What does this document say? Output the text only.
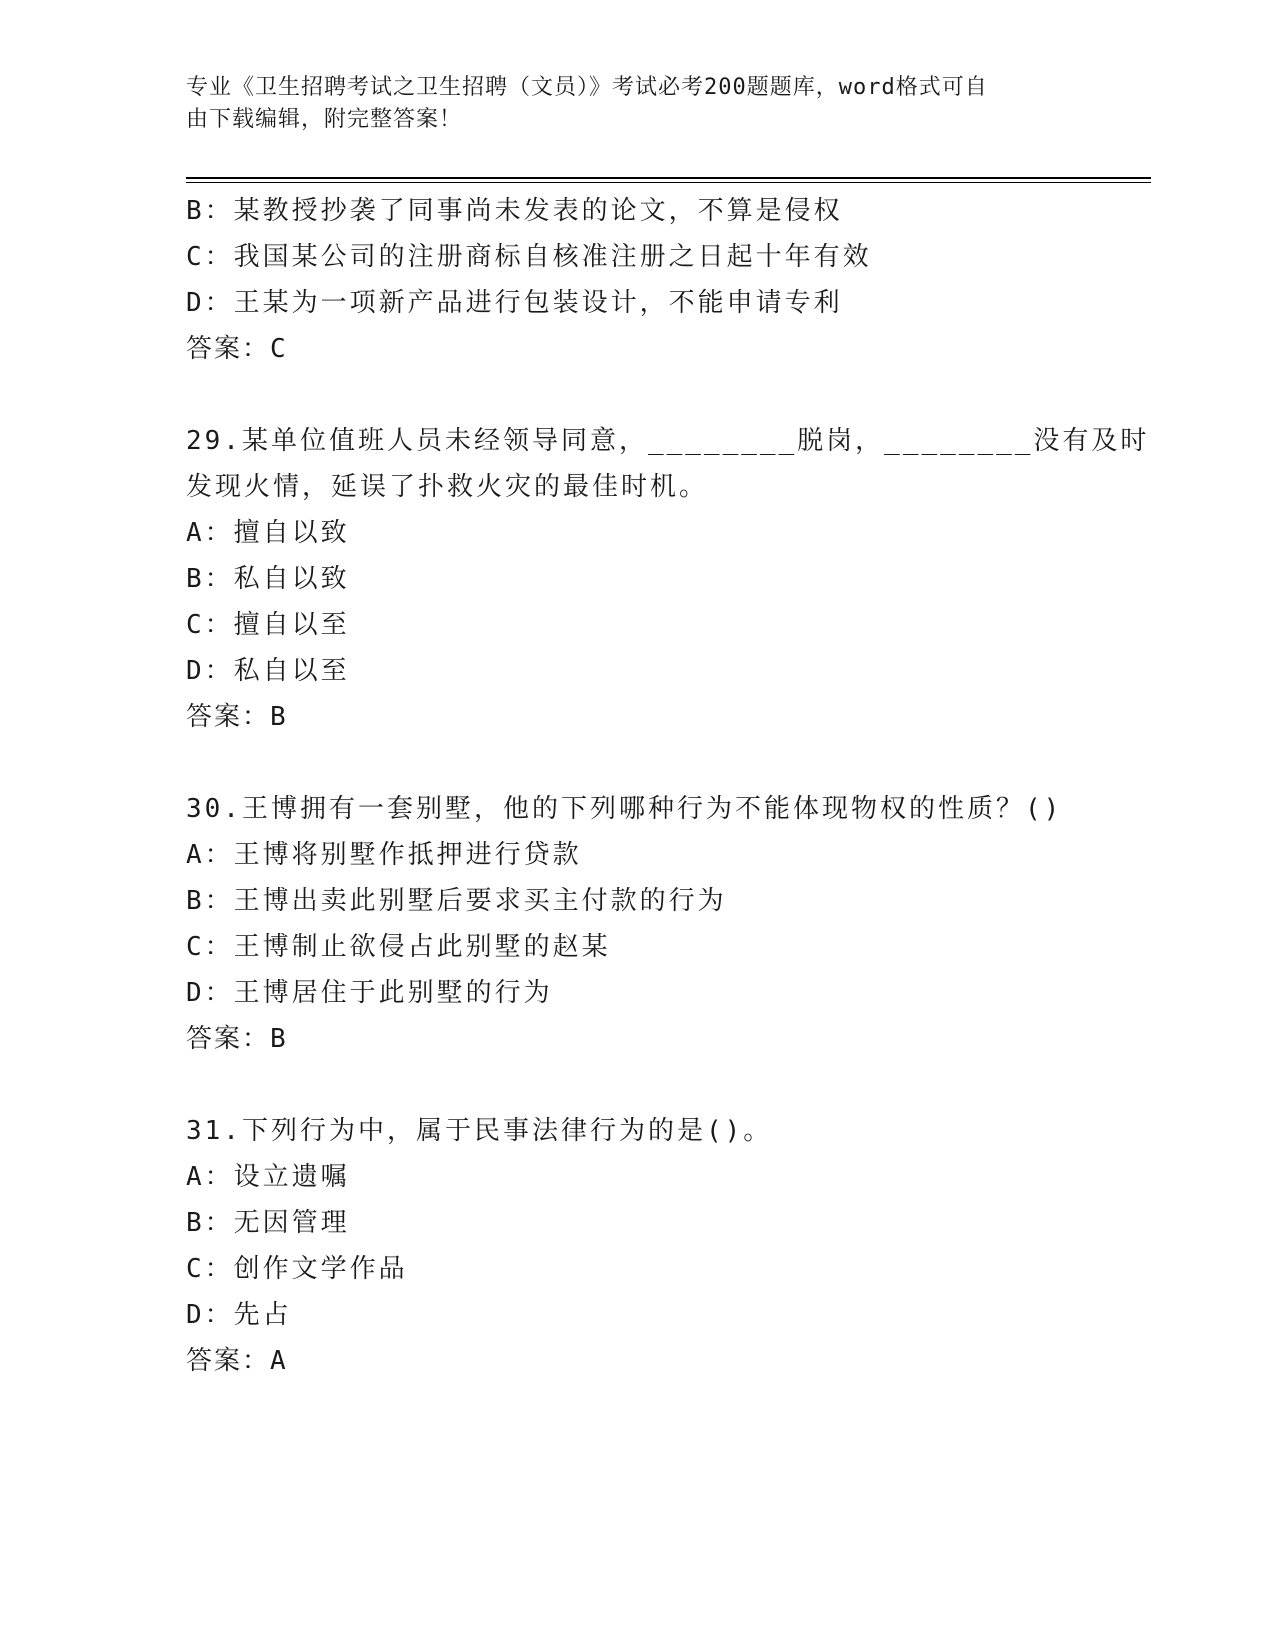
专业《卫生招聘考试之卫生招聘（文员）》考试必考200题题库，word格式可自
由下载编辑，附完整答案！
B：某教授抄袭了同事尚未发表的论文，不算是侵权
C：我国某公司的注册商标自核准注册之日起十年有效
D：王某为一项新产品进行包装设计，不能申请专利
答案：C
29.某单位值班人员未经领导同意，________脱岗，________没有及时
发现火情，延误了扑救火灾的最佳时机。
A：擅自以致
B：私自以致
C：擅自以至
D：私自以至
答案：B
30.王博拥有一套别墅，他的下列哪种行为不能体现物权的性质？()
A：王博将别墅作抵押进行贷款
B：王博出卖此别墅后要求买主付款的行为
C：王博制止欲侵占此别墅的赵某
D：王博居住于此别墅的行为
答案：B
31.下列行为中，属于民事法律行为的是()。
A：设立遗嘱
B：无因管理
C：创作文学作品
D：先占
答案：A
